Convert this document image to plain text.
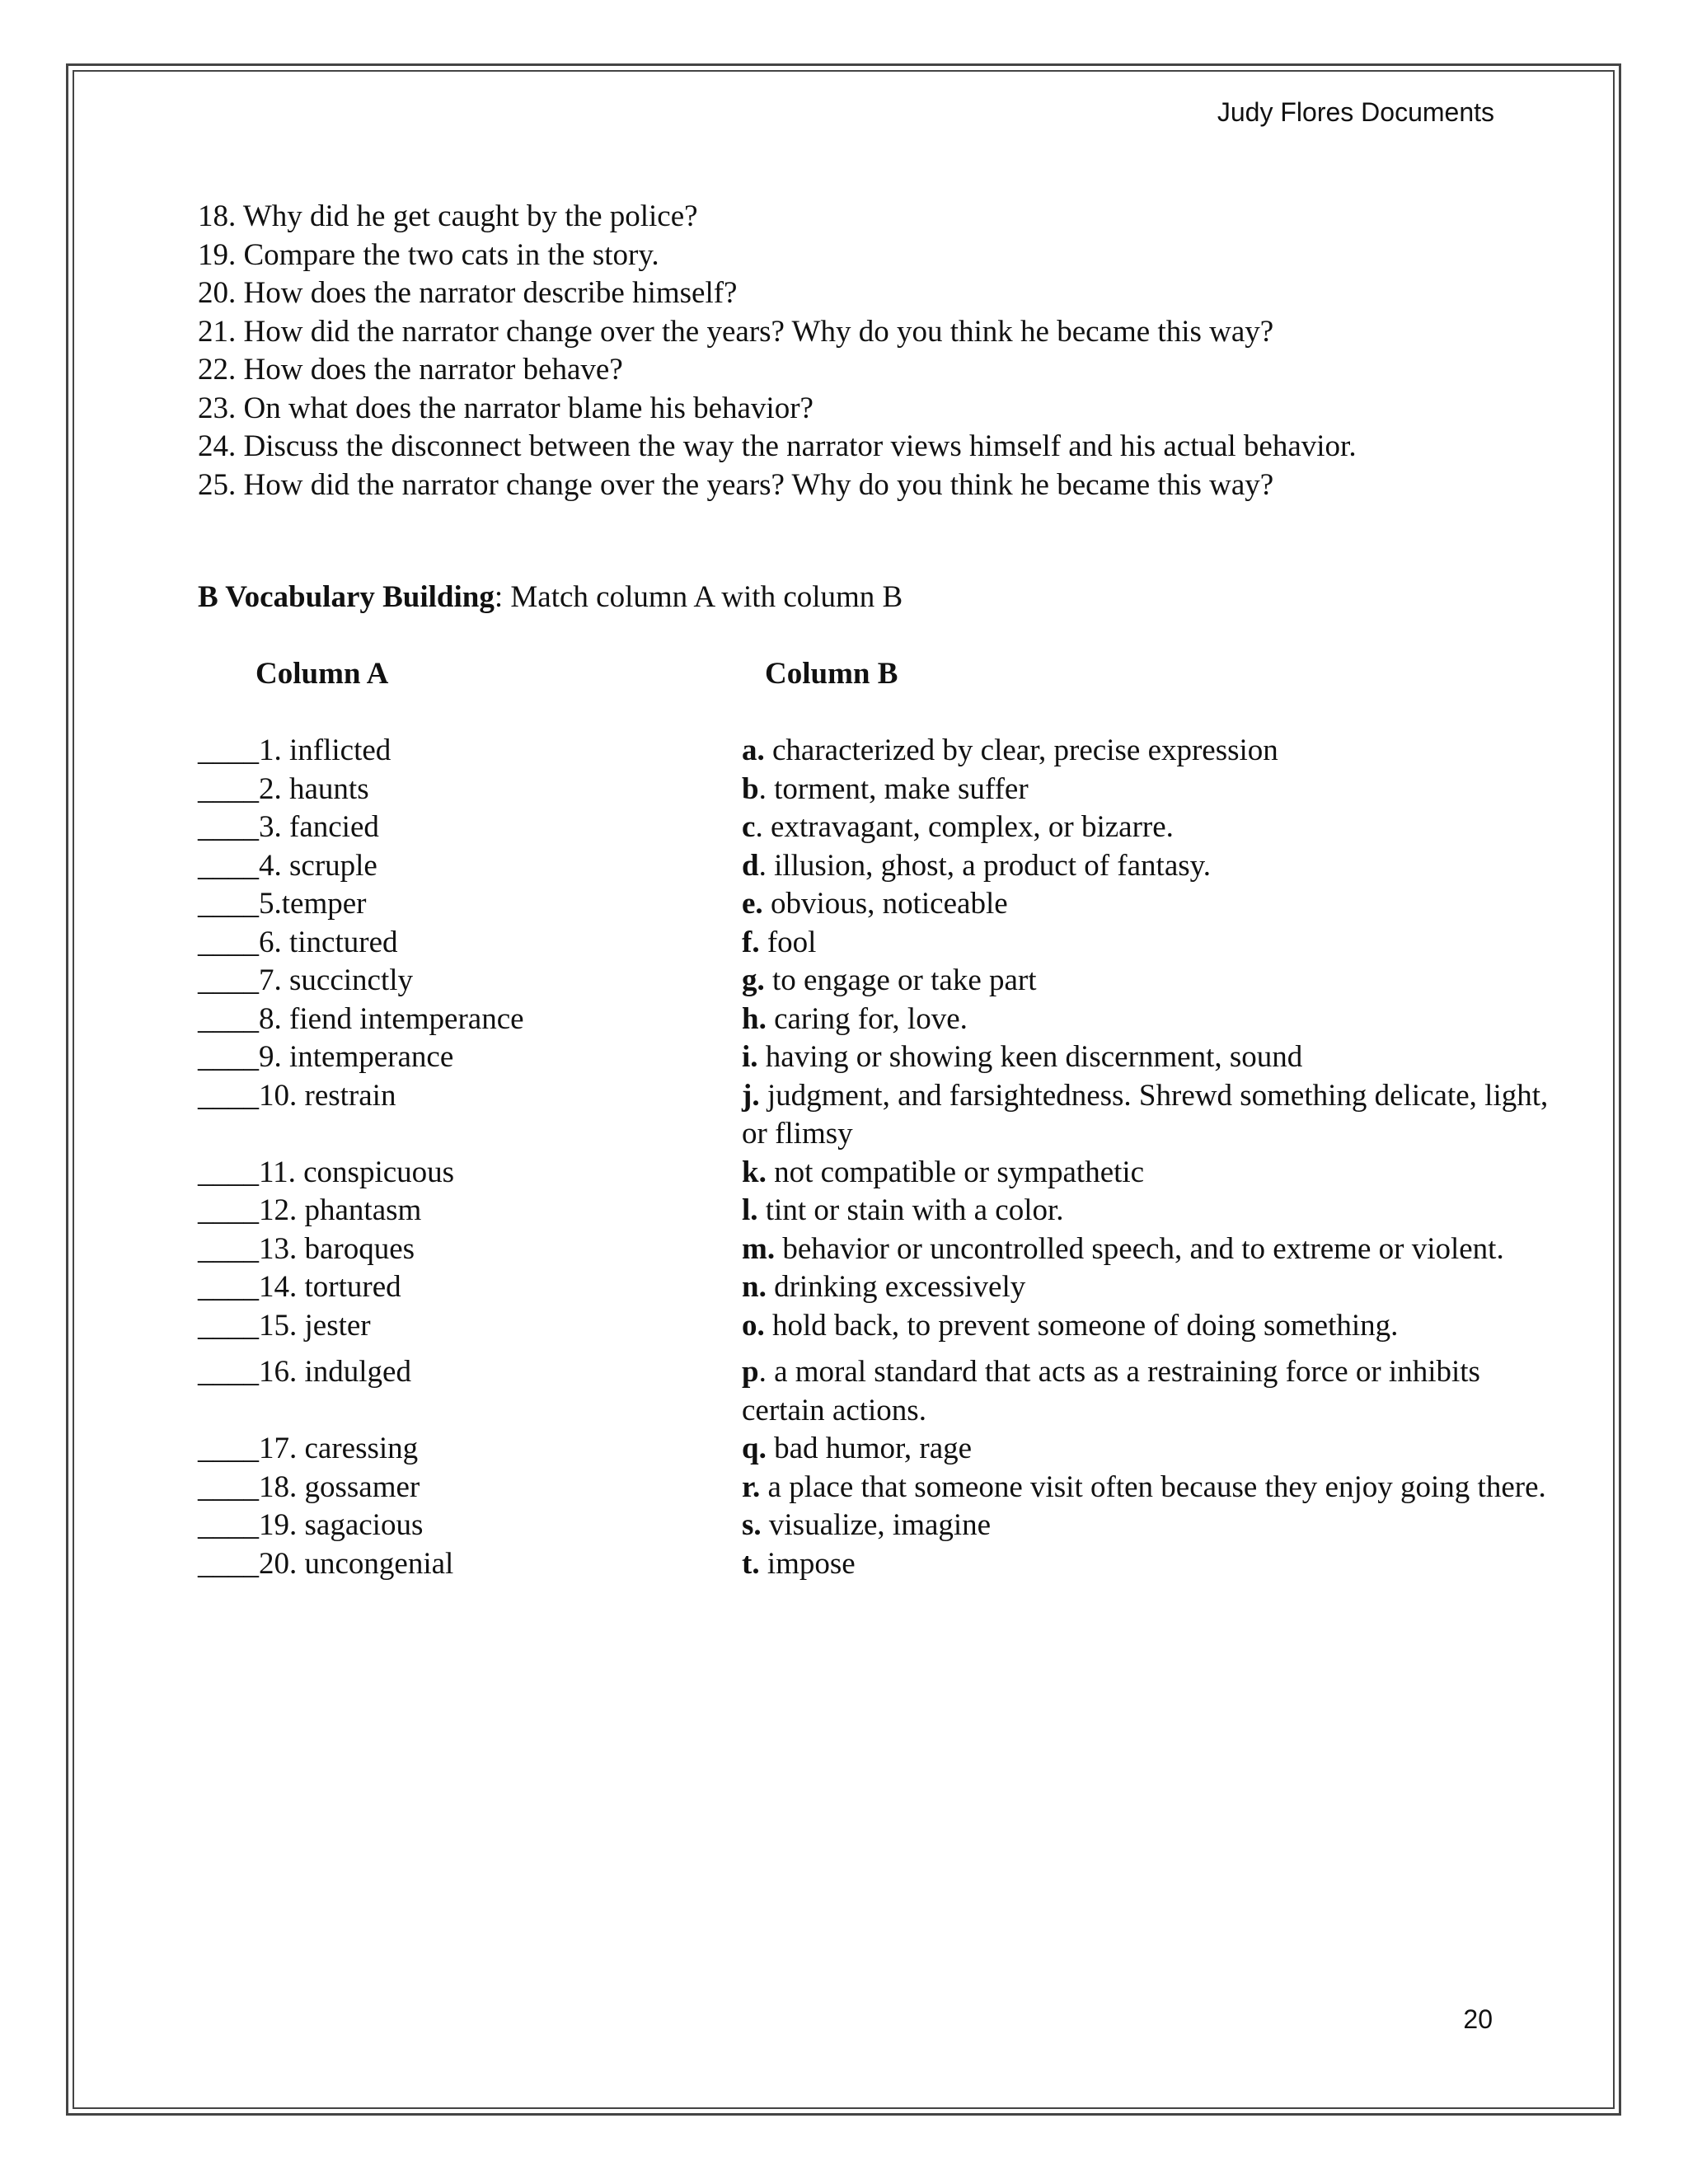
Judy Flores Documents
18. Why did he get caught by the police?
19. Compare the two cats in the story.
20. How does the narrator describe himself?
21. How did the narrator change over the years? Why do you think he became this way?
22. How does the narrator behave?
23. On what does the narrator blame his behavior?
24. Discuss the disconnect between the way the narrator views himself and his actual behavior.
25. How did the narrator change over the years? Why do you think he became this way?
B Vocabulary Building: Match column A with column B
Column A	Column B
____1. inflicted	a. characterized by clear, precise expression
____2. haunts	b. torment, make suffer
____3. fancied	c. extravagant, complex, or bizarre.
____4. scruple	d. illusion, ghost, a product of fantasy.
____5.temper	e. obvious, noticeable
____6. tinctured	f. fool
____7. succinctly	g. to engage or take part
____8. fiend intemperance	h. caring for, love.
____9. intemperance	i. having or showing keen discernment, sound
____10. restrain	j. judgment, and farsightedness. Shrewd something delicate, light, or flimsy
____11. conspicuous	k. not compatible or sympathetic
____12. phantasm	l. tint or stain with a color.
____13. baroques	m. behavior or uncontrolled speech, and to extreme or violent.
____14. tortured	n. drinking excessively
____15. jester	o. hold back, to prevent someone of doing something.
____16. indulged	p. a moral standard that acts as a restraining force or inhibits certain actions.
____17. caressing	q. bad humor, rage
____18. gossamer	r. a place that someone visit often because they enjoy going there.
____19. sagacious	s. visualize, imagine
____20. uncongenial	t. impose
20
